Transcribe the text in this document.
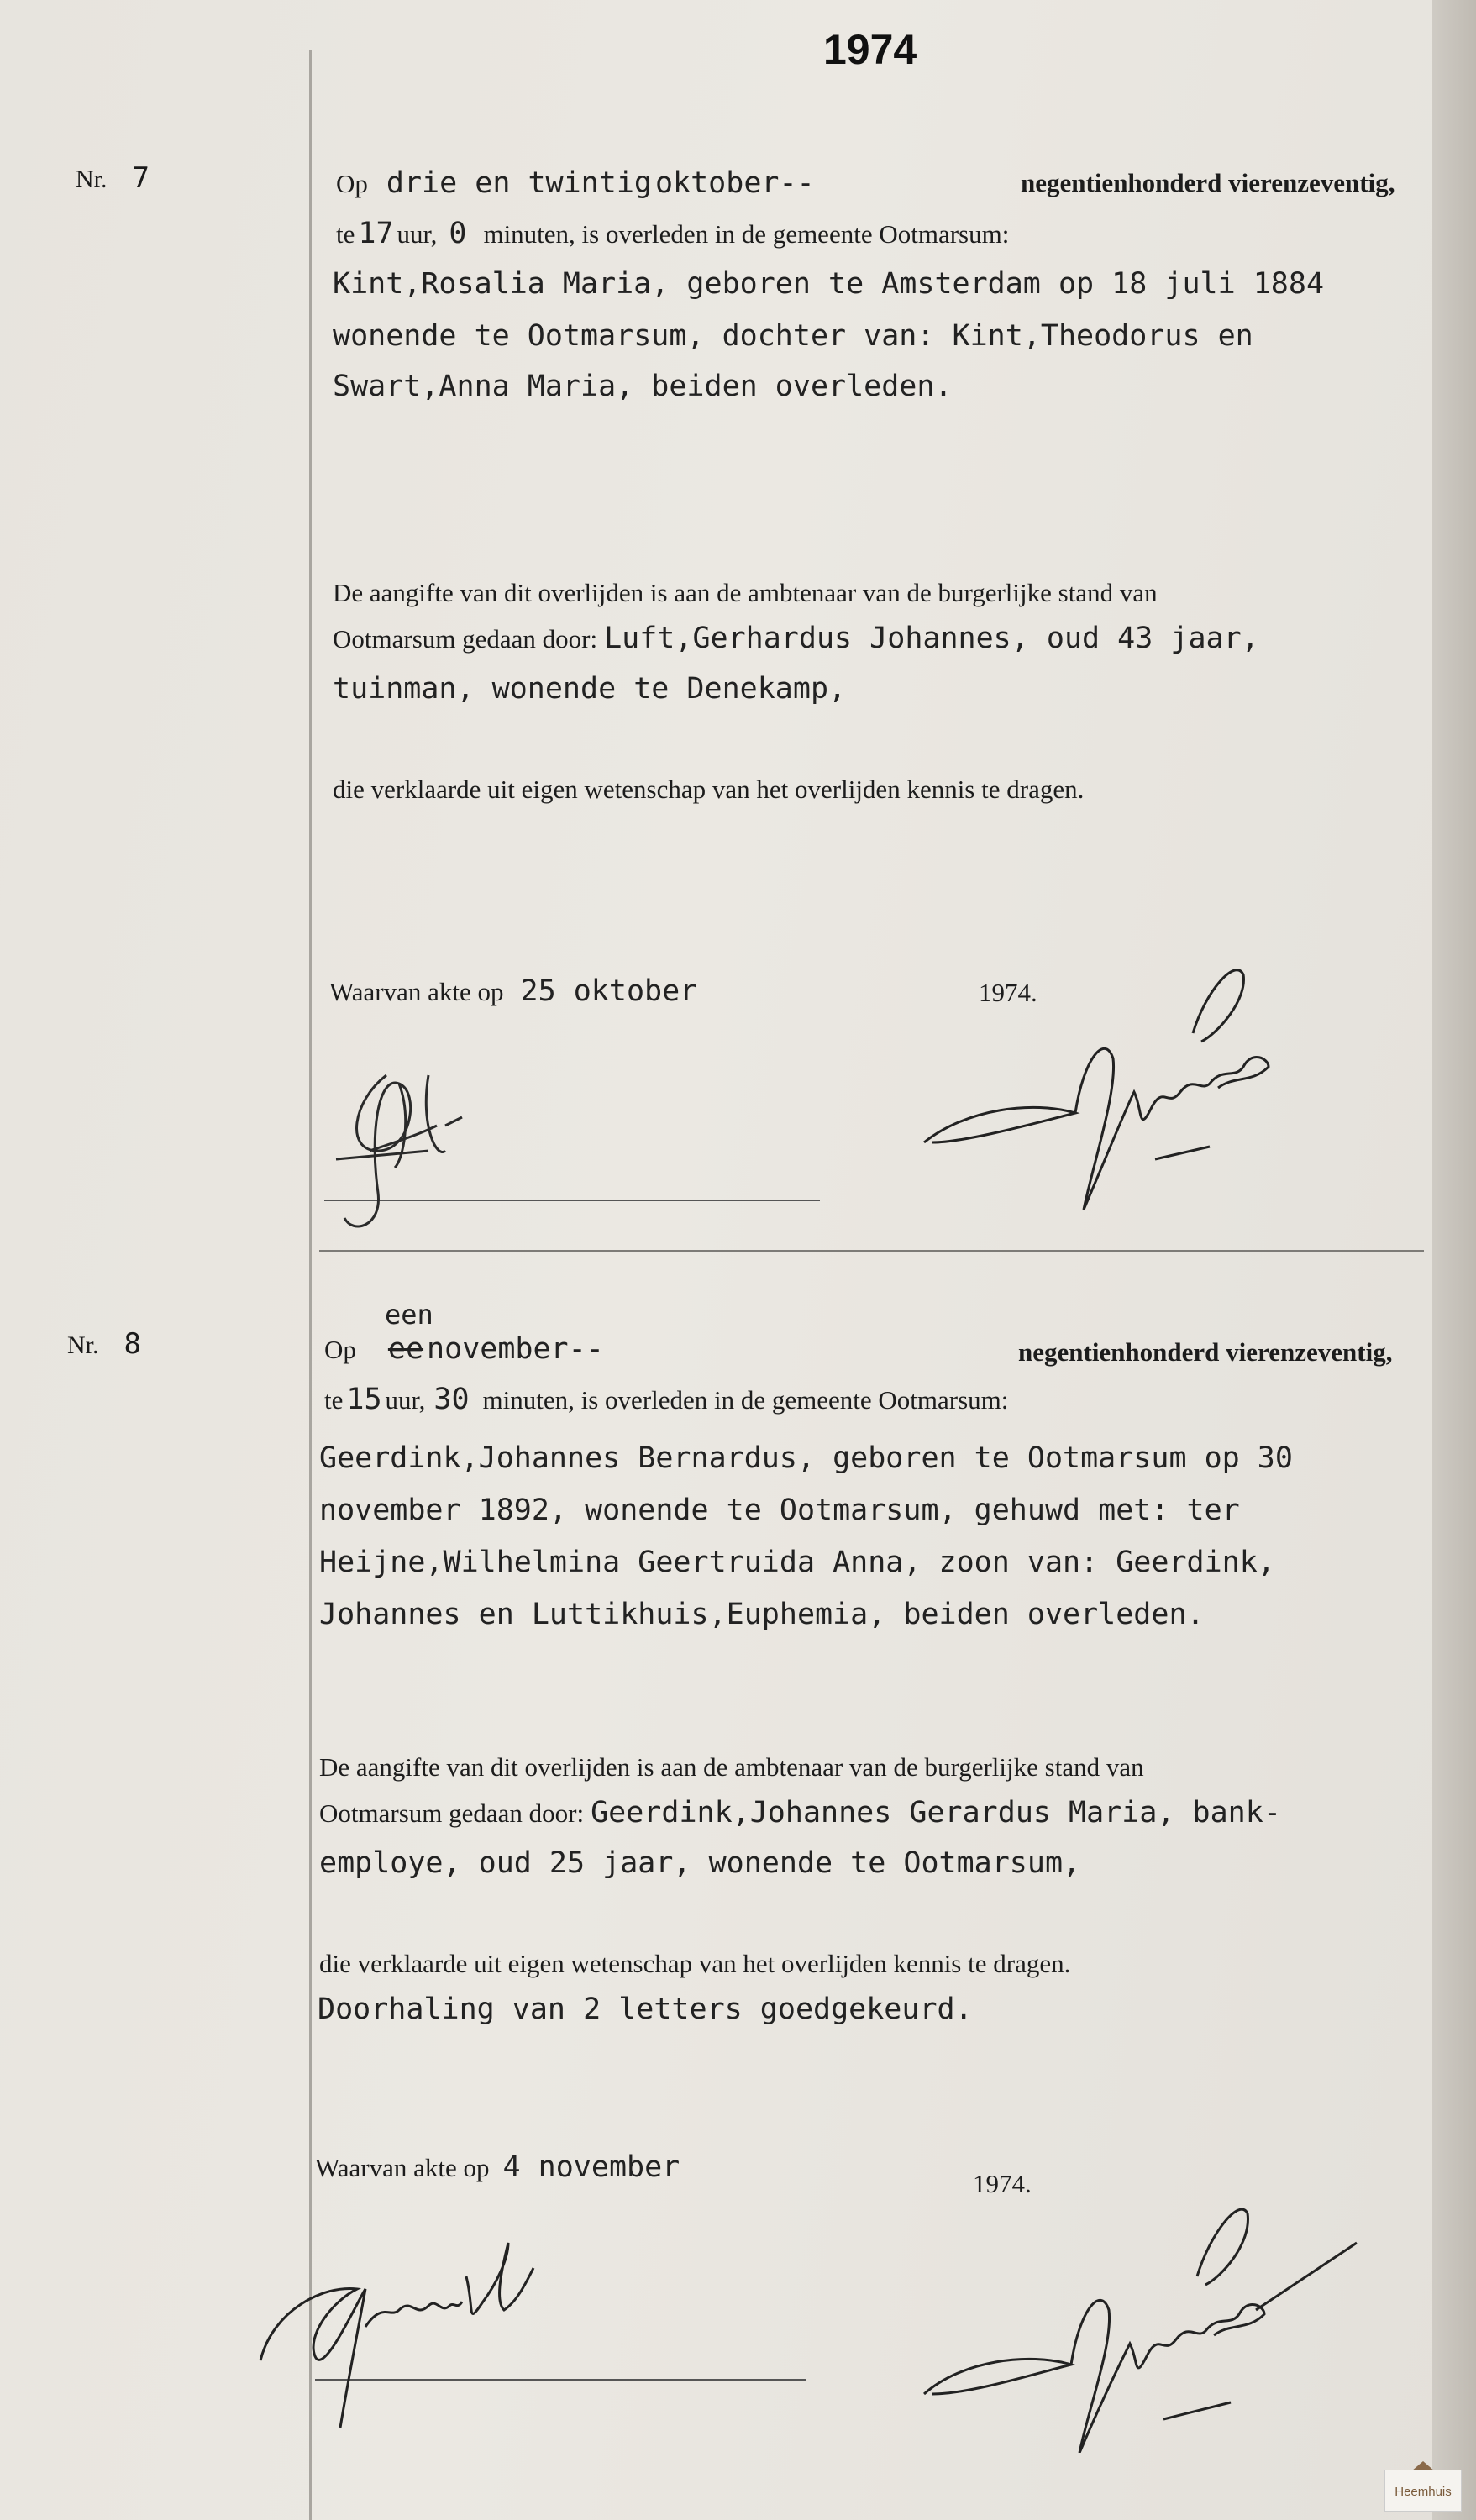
1974
Nr. 7	Op drie en twintig oktober--	negentienhonderd vierenzeventig,
te 17 uur, 0 minuten, is overleden in de gemeente Ootmarsum:
Kint,Rosalia Maria, geboren te Amsterdam op 18 juli 1884
wonende te Ootmarsum, dochter van: Kint,Theodorus en
Swart,Anna Maria, beiden overleden.
De aangifte van dit overlijden is aan de ambtenaar van de burgerlijke stand van
Ootmarsum gedaan door: Luft,Gerhardus Johannes, oud 43 jaar,
tuinman, wonende te Denekamp,
die verklaarde uit eigen wetenschap van het overlijden kennis te dragen.
Waarvan akte op 25 oktober	1974.
Nr. 8
een
Op ee november--	negentienhonderd vierenzeventig,
te 15 uur, 30 minuten, is overleden in de gemeente Ootmarsum:
Geerdink,Johannes Bernardus, geboren te Ootmarsum op 30
november 1892, wonende te Ootmarsum, gehuwd met: ter
Heijne,Wilhelmina Geertruida Anna, zoon van: Geerdink,
Johannes en Luttikhuis,Euphemia, beiden overleden.
De aangifte van dit overlijden is aan de ambtenaar van de burgerlijke stand van
Ootmarsum gedaan door: Geerdink,Johannes Gerardus Maria, bank-
employe, oud 25 jaar, wonende te Ootmarsum,
die verklaarde uit eigen wetenschap van het overlijden kennis te dragen.
Doorhaling van 2 letters goedgekeurd.
Waarvan akte op 4 november	1974.
Heemhuis
